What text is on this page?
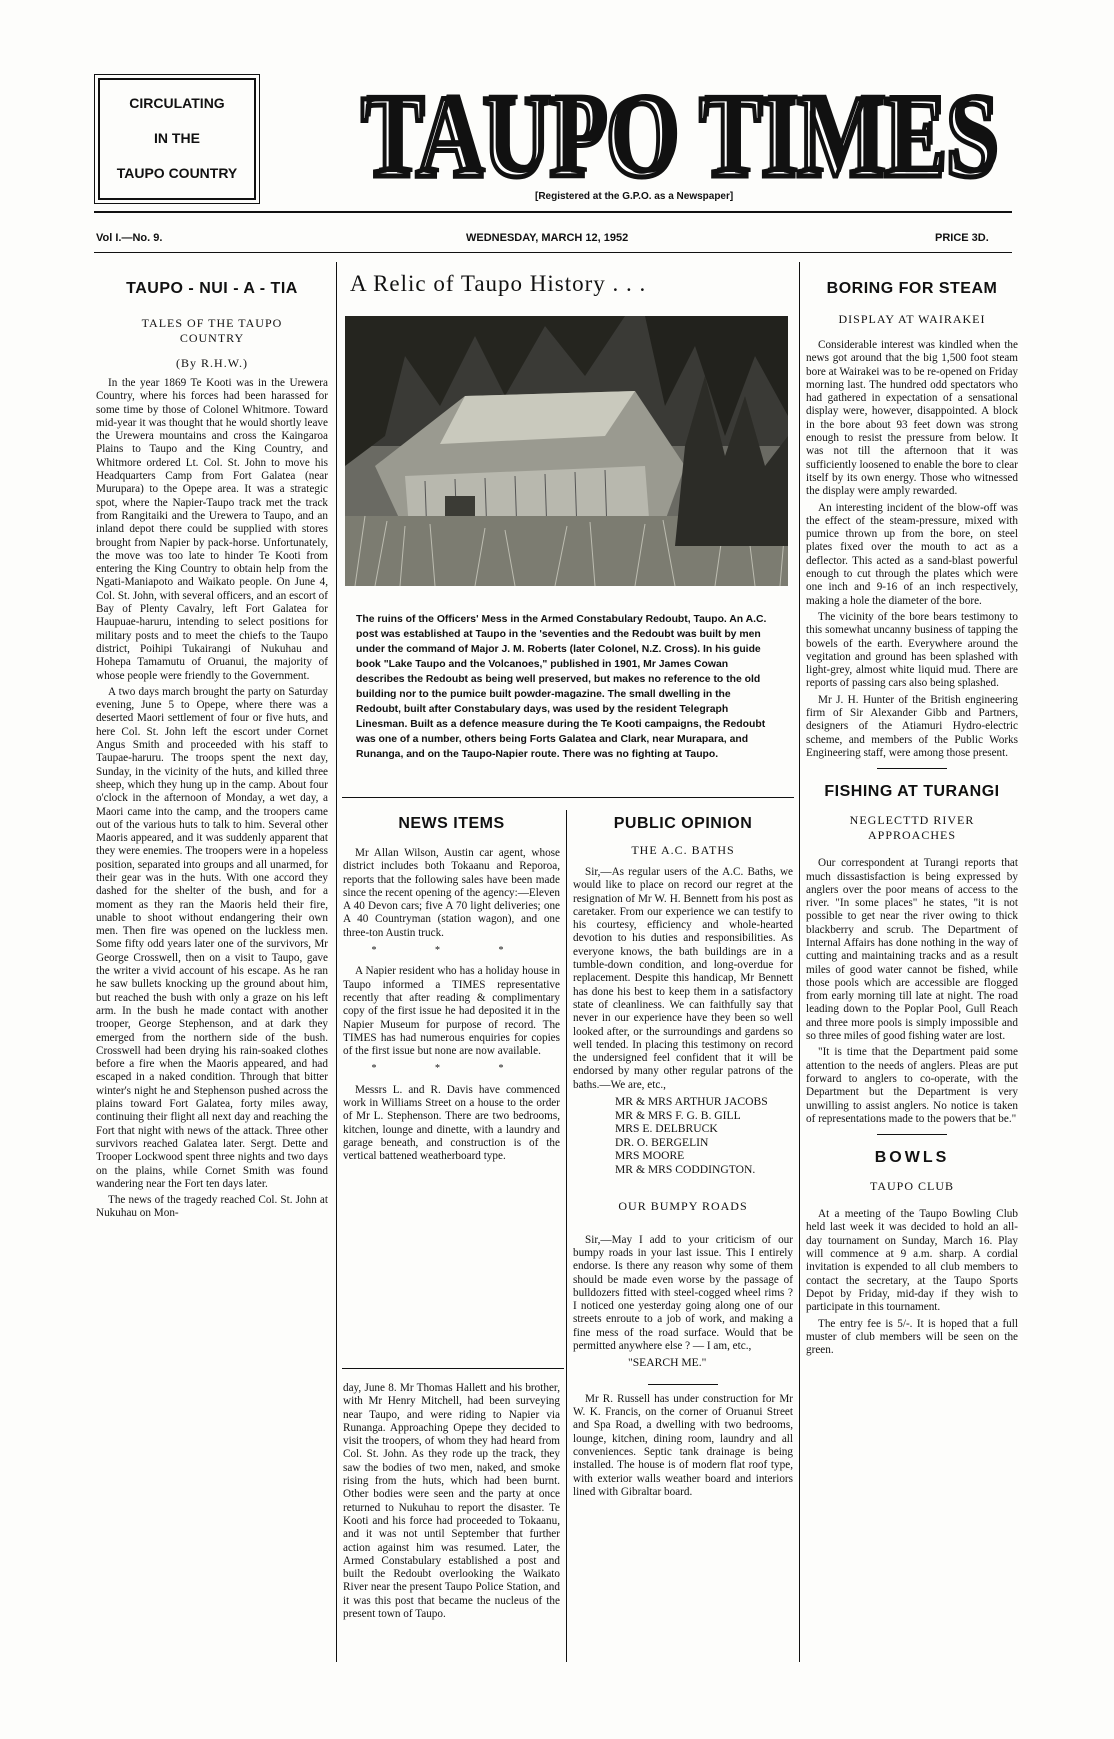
CIRCULATING
IN THE
TAUPO COUNTRY TAUPO TIMES
TAUPO TIMES
[Registered at the G.P.O. as a Newspaper]
Vol I.—No. 9.	WEDNESDAY, MARCH 12, 1952	PRICE 3D.
TAUPO - NUI - A - TIA
TALES OF THE TAUPO COUNTRY
(By R.H.W.)

In the year 1869 Te Kooti was in the Urewera Country, where his forces had been harassed for some time by those of Colonel Whitmore. Toward mid-year it was thought that he would shortly leave the Urewera mountains and cross the Kaingaroa Plains to Taupo and the King Country, and Whitmore ordered Lt. Col. St. John to move his Headquarters Camp from Fort Galatea (near Murupara) to the Opepe area. It was a strategic spot, where the Napier-Taupo track met the track from Rangitaiki and the Urewera to Taupo, and an inland depot there could be supplied with stores brought from Napier by pack-horse. Unfortunately, the move was too late to hinder Te Kooti from entering the King Country to obtain help from the Ngati-Maniapoto and Waikato people. On June 4, Col. St. John, with several officers, and an escort of Bay of Plenty Cavalry, left Fort Galatea for Haupuae-haruru, intending to select positions for military posts and to meet the chiefs to the Taupo district, Poihipi Tukairangi of Nukuhau and Hohepa Tamamutu of Oruanui, the majority of whose people were friendly to the Government.

A two days march brought the party on Saturday evening, June 5 to Opepe, where there was a deserted Maori settlement of four or five huts, and here Col. St. John left the escort under Cornet Angus Smith and proceeded with his staff to Taupae-haruru. The troops spent the next day, Sunday, in the vicinity of the huts, and killed three sheep, which they hung up in the camp. About four o'clock in the afternoon of Monday, a wet day, a Maori came into the camp, and the troopers came out of the various huts to talk to him. Several other Maoris appeared, and it was suddenly apparent that they were enemies. The troopers were in a hopeless position, separated into groups and all unarmed, for their gear was in the huts. With one accord they dashed for the shelter of the bush, and for a moment as they ran the Maoris held their fire, unable to shoot without endangering their own men. Then fire was opened on the luckless men. Some fifty odd years later one of the survivors, Mr George Crosswell, then on a visit to Taupo, gave the writer a vivid account of his escape. As he ran he saw bullets knocking up the ground about him, but reached the bush with only a graze on his left arm. In the bush he made contact with another trooper, George Stephenson, and at dark they emerged from the northern side of the bush. Crosswell had been drying his rain-soaked clothes before a fire when the Maoris appeared, and had escaped in a naked condition. Through that bitter winter's night he and Stephenson pushed across the plains toward Fort Galatea, forty miles away, continuing their flight all next day and reaching the Fort that night with news of the attack. Three other survivors reached Galatea later. Sergt. Dette and Trooper Lockwood spent three nights and two days on the plains, while Cornet Smith was found wandering near the Fort ten days later.

The news of the tragedy reached Col. St. John at Nukuhau on Mon-

A Relic of Taupo History . . .
The ruins of the Officers' Mess in the Armed Constabulary Redoubt, Taupo. An A.C. post was established at Taupo in the 'seventies and the Redoubt was built by men under the command of Major J. M. Roberts (later Colonel, N.Z. Cross). In his guide book "Lake Taupo and the Volcanoes," published in 1901, Mr James Cowan describes the Redoubt as being well preserved, but makes no reference to the old building nor to the pumice built powder-magazine. The small dwelling in the Redoubt, built after Constabulary days, was used by the resident Telegraph Linesman. Built as a defence measure during the Te Kooti campaigns, the Redoubt was one of a number, others being Forts Galatea and Clark, near Murapara, and Runanga, and on the Taupo-Napier route. There was no fighting at Taupo.
NEWS ITEMS

Mr Allan Wilson, Austin car agent, whose district includes both Tokaanu and Reporoa, reports that the following sales have been made since the recent opening of the agency:—Eleven A 40 Devon cars; five A 70 light deliveries; one A 40 Countryman (station wagon), and one three-ton Austin truck.

* * *

A Napier resident who has a holiday house in Taupo informed a TIMES representative recently that after reading & complimentary copy of the first issue he had deposited it in the Napier Museum for purpose of record. The TIMES has had numerous enquiries for copies of the first issue but none are now available.

* * *

Messrs L. and R. Davis have commenced work in Williams Street on a house to the order of Mr L. Stephenson. There are two bedrooms, kitchen, lounge and dinette, with a laundry and garage beneath, and construction is of the vertical battened weatherboard type.

day, June 8. Mr Thomas Hallett and his brother, with Mr Henry Mitchell, had been surveying near Taupo, and were riding to Napier via Runanga. Approaching Opepe they decided to visit the troopers, of whom they had heard from Col. St. John. As they rode up the track, they saw the bodies of two men, naked, and smoke rising from the huts, which had been burnt. Other bodies were seen and the party at once returned to Nukuhau to report the disaster. Te Kooti and his force had proceeded to Tokaanu, and it was not until September that further action against him was resumed. Later, the Armed Constabulary established a post and built the Redoubt overlooking the Waikato River near the present Taupo Police Station, and it was this post that became the nucleus of the present town of Taupo.

PUBLIC OPINION
THE A.C. BATHS

Sir,—As regular users of the A.C. Baths, we would like to place on record our regret at the resignation of Mr W. H. Bennett from his post as caretaker. From our experience we can testify to his courtesy, efficiency and whole-hearted devotion to his duties and responsibilities. As everyone knows, the bath buildings are in a tumble-down condition, and long-overdue for replacement. Despite this handicap, Mr Bennett has done his best to keep them in a satisfactory state of cleanliness. We can faithfully say that never in our experience have they been so well looked after, or the surroundings and gardens so well tended. In placing this testimony on record the undersigned feel confident that it will be endorsed by many other regular patrons of the baths.—We are, etc.,

MR & MRS ARTHUR JACOBS
MR & MRS F. G. B. GILL
MRS E. DELBRUCK
DR. O. BERGELIN
MRS MOORE
MR & MRS CODDINGTON.
OUR BUMPY ROADS

Sir,—May I add to your criticism of our bumpy roads in your last issue. This I entirely endorse. Is there any reason why some of them should be made even worse by the passage of bulldozers fitted with steel-cogged wheel rims ? I noticed one yesterday going along one of our streets enroute to a job of work, and making a fine mess of the road surface. Would that be permitted anywhere else ? — I am, etc.,

"SEARCH ME."

Mr R. Russell has under construction for Mr W. K. Francis, on the corner of Oruanui Street and Spa Road, a dwelling with two bedrooms, lounge, kitchen, dining room, laundry and all conveniences. Septic tank drainage is being installed. The house is of modern flat roof type, with exterior walls weather board and interiors lined with Gibraltar board.

BORING FOR STEAM
DISPLAY AT WAIRAKEI

Considerable interest was kindled when the news got around that the big 1,500 foot steam bore at Wairakei was to be re-opened on Friday morning last. The hundred odd spectators who had gathered in expectation of a sensational display were, however, disappointed. A block in the bore about 93 feet down was strong enough to resist the pressure from below. It was not till the afternoon that it was sufficiently loosened to enable the bore to clear itself by its own energy. Those who witnessed the display were amply rewarded.

An interesting incident of the blow-off was the effect of the steam-pressure, mixed with pumice thrown up from the bore, on steel plates fixed over the mouth to act as a deflector. This acted as a sand-blast powerful enough to cut through the plates which were one inch and 9-16 of an inch respectively, making a hole the diameter of the bore.

The vicinity of the bore bears testimony to this somewhat uncanny business of tapping the bowels of the earth. Everywhere around the vegitation and ground has been splashed with light-grey, almost white liquid mud. There are reports of passing cars also being splashed.

Mr J. H. Hunter of the British engineering firm of Sir Alexander Gibb and Partners, designers of the Atiamuri Hydro-electric scheme, and members of the Public Works Engineering staff, were among those present.

FISHING AT TURANGI
NEGLECTTD RIVER APPROACHES

Our correspondent at Turangi reports that much dissastisfaction is being expressed by anglers over the poor means of access to the river. "In some places" he states, "it is not possible to get near the river owing to thick blackberry and scrub. The Department of Internal Affairs has done nothing in the way of cutting and maintaining tracks and as a result miles of good water cannot be fished, while those pools which are accessible are flogged from early morning till late at night. The road leading down to the Poplar Pool, Gull Reach and three more pools is simply impossible and so three miles of good fishing water are lost.

"It is time that the Department paid some attention to the needs of anglers. Pleas are put forward to anglers to co-operate, with the Department but the Department is very unwilling to assist anglers. No notice is taken of representations made to the powers that be."

BOWLS
TAUPO CLUB

At a meeting of the Taupo Bowling Club held last week it was decided to hold an all-day tournament on Sunday, March 16. Play will commence at 9 a.m. sharp. A cordial invitation is expended to all club members to contact the secretary, at the Taupo Sports Depot by Friday, mid-day if they wish to participate in this tournament.

The entry fee is 5/-. It is hoped that a full muster of club members will be seen on the green.
